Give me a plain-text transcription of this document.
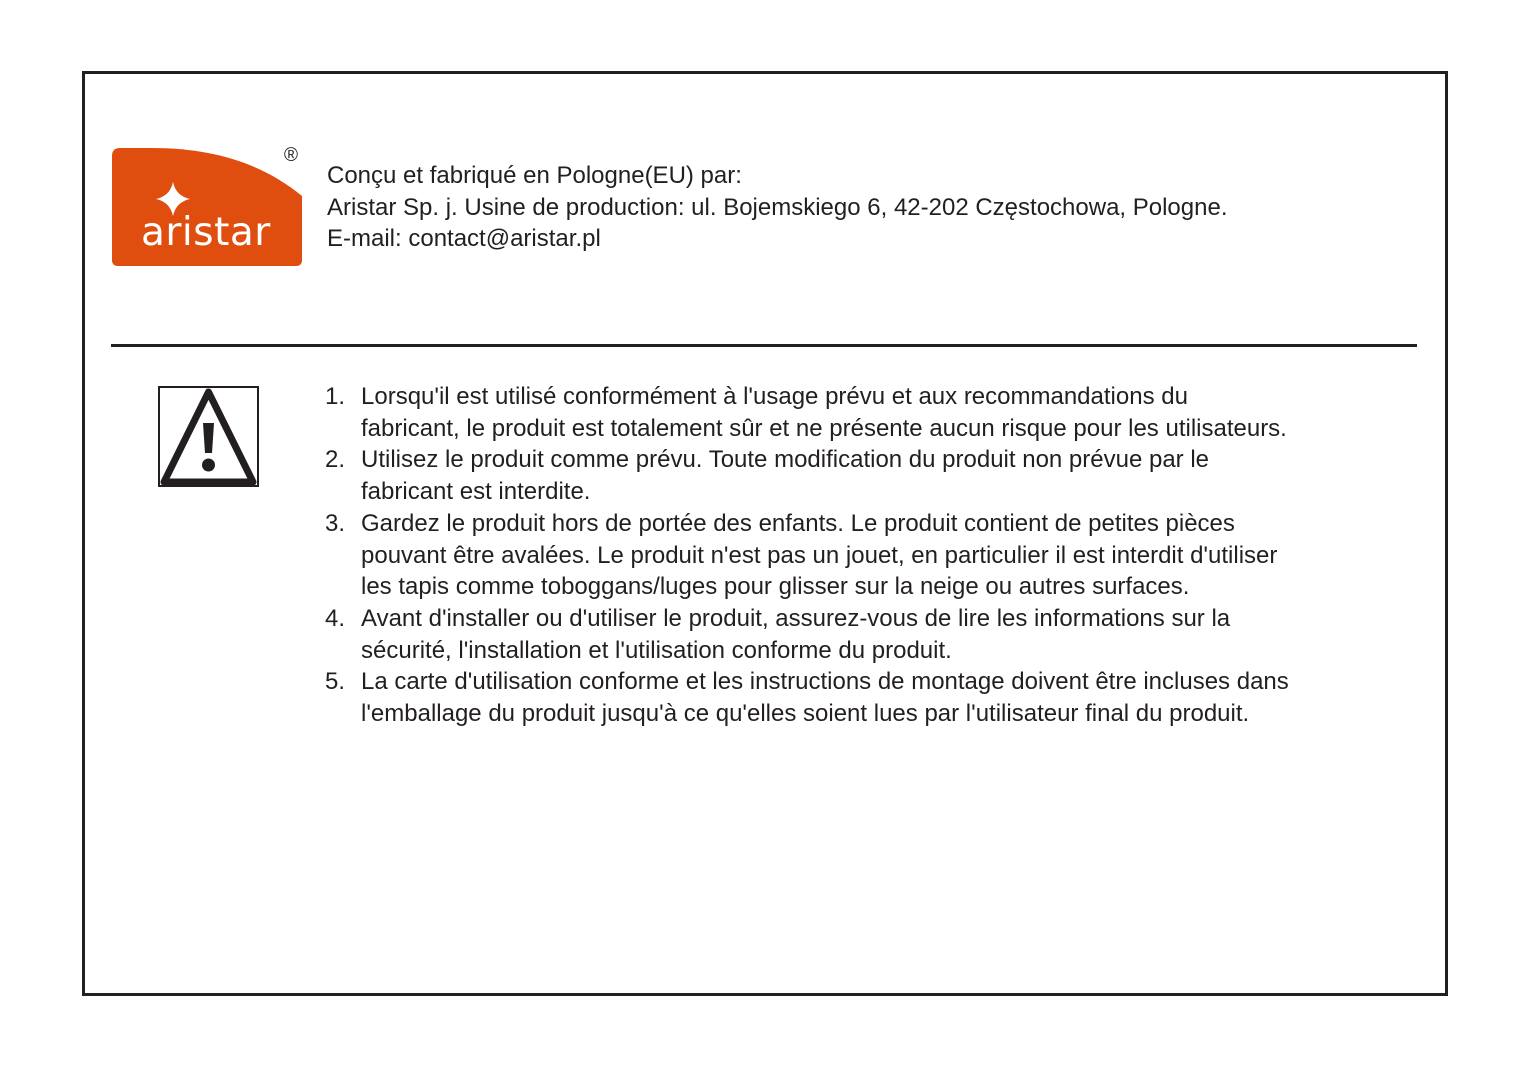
aristar
®
Conçu et fabriqué en Pologne(EU) par:
Aristar Sp. j. Usine de production: ul. Bojemskiego 6, 42-202 Częstochowa, Pologne.
E-mail: contact@aristar.pl
1. Lorsqu'il est utilisé conformément à l'usage prévu et aux recommandations du
fabricant, le produit est totalement sûr et ne présente aucun risque pour les utilisateurs.
2. Utilisez le produit comme prévu. Toute modification du produit non prévue par le
fabricant est interdite.
3. Gardez le produit hors de portée des enfants. Le produit contient de petites pièces
pouvant être avalées. Le produit n'est pas un jouet, en particulier il est interdit d'utiliser
les tapis comme toboggans/luges pour glisser sur la neige ou autres surfaces.
4. Avant d'installer ou d'utiliser le produit, assurez-vous de lire les informations sur la
sécurité, l'installation et l'utilisation conforme du produit.
5. La carte d'utilisation conforme et les instructions de montage doivent être incluses dans
l'emballage du produit jusqu'à ce qu'elles soient lues par l'utilisateur final du produit.
